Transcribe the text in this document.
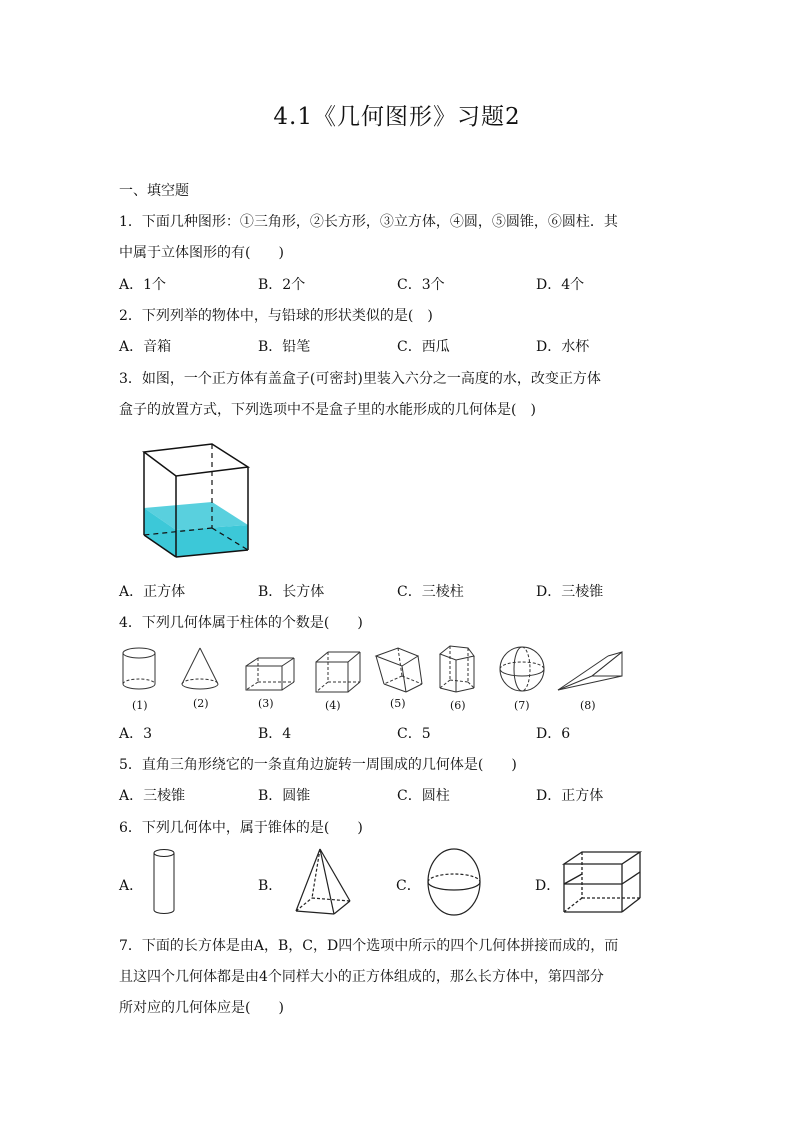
4.1《几何图形》习题2
一、填空题
1．下面几种图形：①三角形，②长方形，③立方体，④圆，⑤圆锥，⑥圆柱．其
中属于立体图形的有(　　)
A．1个	B．2个	C．3个	D．4个
2．下列列举的物体中，与铅球的形状类似的是(　)
A．音箱	B．铅笔	C．西瓜	D．水杯
3．如图，一个正方体有盖盒子(可密封)里装入六分之一高度的水，改变正方体
盒子的放置方式，下列选项中不是盒子里的水能形成的几何体是(　)
A．正方体	B．长方体	C．三棱柱	D．三棱锥
4．下列几何体属于柱体的个数是(　　)
(1)	(2)	(3)	(4)	(5)	(6)	(7)	(8)
A．3	B．4	C．5	D．6
5．直角三角形绕它的一条直角边旋转一周围成的几何体是(　　)
A．三棱锥	B．圆锥	C．圆柱	D．正方体
6．下列几何体中，属于锥体的是(　　)
A．	B．	C．	D．
7．下面的长方体是由A，B，C，D四个选项中所示的四个几何体拼接而成的，而
且这四个几何体都是由4个同样大小的正方体组成的，那么长方体中，第四部分
所对应的几何体应是(　　)
